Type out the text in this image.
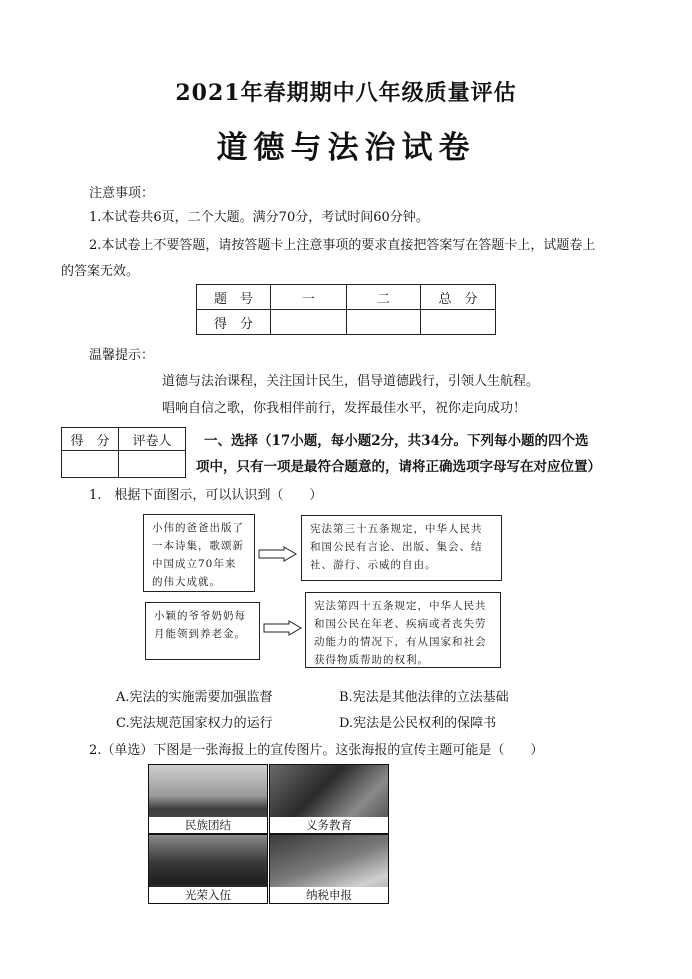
2021年春期期中八年级质量评估
道德与法治试卷
注意事项：
1.本试卷共6页，二个大题。满分70分，考试时间60分钟。
2.本试卷上不要答题，请按答题卡上注意事项的要求直接把答案写在答题卡上，试题卷上
的答案无效。
题　号	一	二	总　分
得　分			
温馨提示：
道德与法治课程，关注国计民生，倡导道德践行，引领人生航程。
唱响自信之歌，你我相伴前行，发挥最佳水平，祝你走向成功！
得　分	评卷人
	一、选择（17小题，每小题2分，共34分。下列每小题的四个选
项中，只有一项是最符合题意的，请将正确选项字母写在对应位置）
1.　根据下面图示，可以认识到（　　）
小伟的爸爸出版了一本诗集，歌颂新中国成立70年来的伟大成就。
宪法第三十五条规定，中华人民共和国公民有言论、出版、集会、结社、游行、示威的自由。
小颖的爷爷奶奶每月能领到养老金。
宪法第四十五条规定，中华人民共和国公民在年老、疾病或者丧失劳动能力的情况下，有从国家和社会获得物质帮助的权利。
A.宪法的实施需要加强监督	B.宪法是其他法律的立法基础
C.宪法规范国家权力的运行	D.宪法是公民权利的保障书
2.（单选）下图是一张海报上的宣传图片。这张海报的宣传主题可能是（　　）
民族团结	义务教育
光荣入伍	纳税申报
